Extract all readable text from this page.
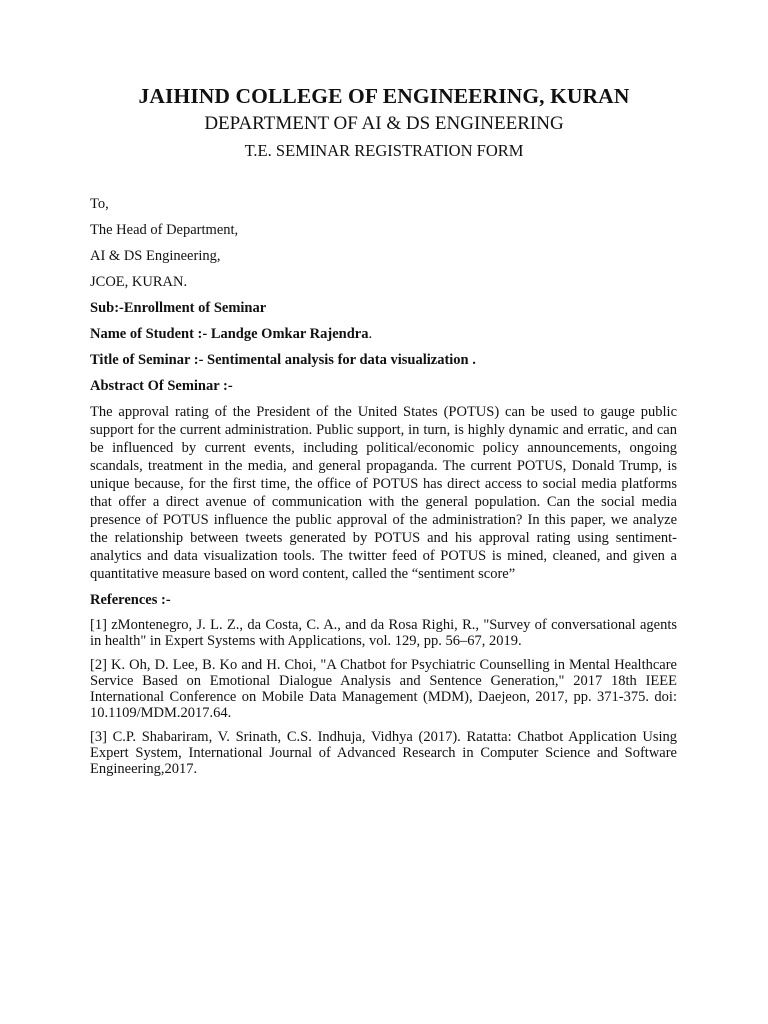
JAIHIND COLLEGE OF ENGINEERING, KURAN
DEPARTMENT OF AI & DS ENGINEERING
T.E. SEMINAR REGISTRATION FORM

To,

The Head of Department,

AI & DS Engineering,

JCOE, KURAN.

Sub:-Enrollment of Seminar

Name of Student :- Landge Omkar Rajendra.

Title of Seminar :- Sentimental analysis for data visualization .

Abstract Of Seminar :-

The approval rating of the President of the United States (POTUS) can be used to gauge public support for the current administration. Public support, in turn, is highly dynamic and erratic, and can be influenced by current events, including political/economic policy announcements, ongoing scandals, treatment in the media, and general propaganda. The current POTUS, Donald Trump, is unique because, for the first time, the office of POTUS has direct access to social media platforms that offer a direct avenue of communication with the general population. Can the social media presence of POTUS influence the public approval of the administration? In this paper, we analyze the relationship between tweets generated by POTUS and his approval rating using sentiment-analytics and data visualization tools. The twitter feed of POTUS is mined, cleaned, and given a quantitative measure based on word content, called the “sentiment score”

References :-

[1] zMontenegro, J. L. Z., da Costa, C. A., and da Rosa Righi, R., "Survey of conversational agents in health" in Expert Systems with Applications, vol. 129, pp. 56–67, 2019.

[2] K. Oh, D. Lee, B. Ko and H. Choi, "A Chatbot for Psychiatric Counselling in Mental Healthcare Service Based on Emotional Dialogue Analysis and Sentence Generation," 2017 18th IEEE International Conference on Mobile Data Management (MDM), Daejeon, 2017, pp. 371-375. doi: 10.1109/MDM.2017.64.

[3] C.P. Shabariram, V. Srinath, C.S. Indhuja, Vidhya (2017). Ratatta: Chatbot Application Using Expert System, International Journal of Advanced Research in Computer Science and Software Engineering,2017.
